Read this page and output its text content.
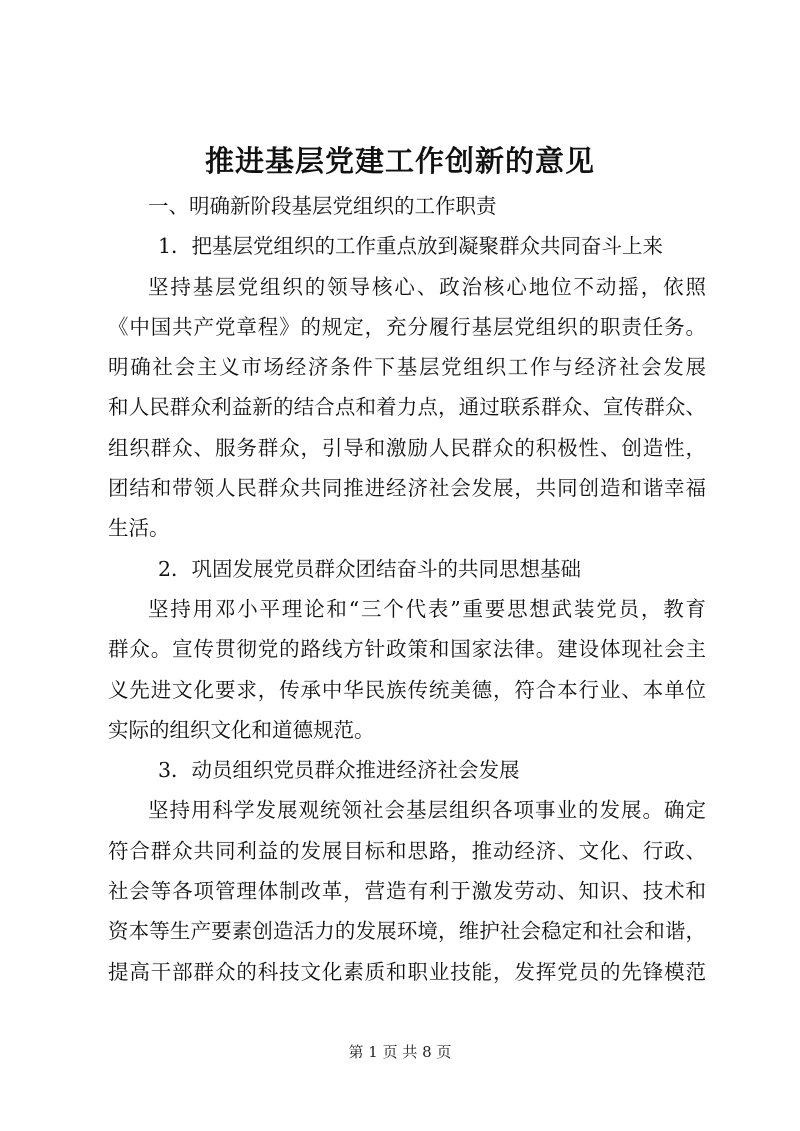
推进基层党建工作创新的意见
一、明确新阶段基层党组织的工作职责
1．把基层党组织的工作重点放到凝聚群众共同奋斗上来
坚持基层党组织的领导核心、政治核心地位不动摇，依照
《中国共产党章程》的规定，充分履行基层党组织的职责任务。
明确社会主义市场经济条件下基层党组织工作与经济社会发展
和人民群众利益新的结合点和着力点，通过联系群众、宣传群众、
组织群众、服务群众，引导和激励人民群众的积极性、创造性，
团结和带领人民群众共同推进经济社会发展，共同创造和谐幸福
生活。
2．巩固发展党员群众团结奋斗的共同思想基础
坚持用邓小平理论和“三个代表”重要思想武装党员，教育
群众。宣传贯彻党的路线方针政策和国家法律。建设体现社会主
义先进文化要求，传承中华民族传统美德，符合本行业、本单位
实际的组织文化和道德规范。
3．动员组织党员群众推进经济社会发展
坚持用科学发展观统领社会基层组织各项事业的发展。确定
符合群众共同利益的发展目标和思路，推动经济、文化、行政、
社会等各项管理体制改革，营造有利于激发劳动、知识、技术和
资本等生产要素创造活力的发展环境，维护社会稳定和社会和谐，
提高干部群众的科技文化素质和职业技能，发挥党员的先锋模范
第 1 页 共 8 页
